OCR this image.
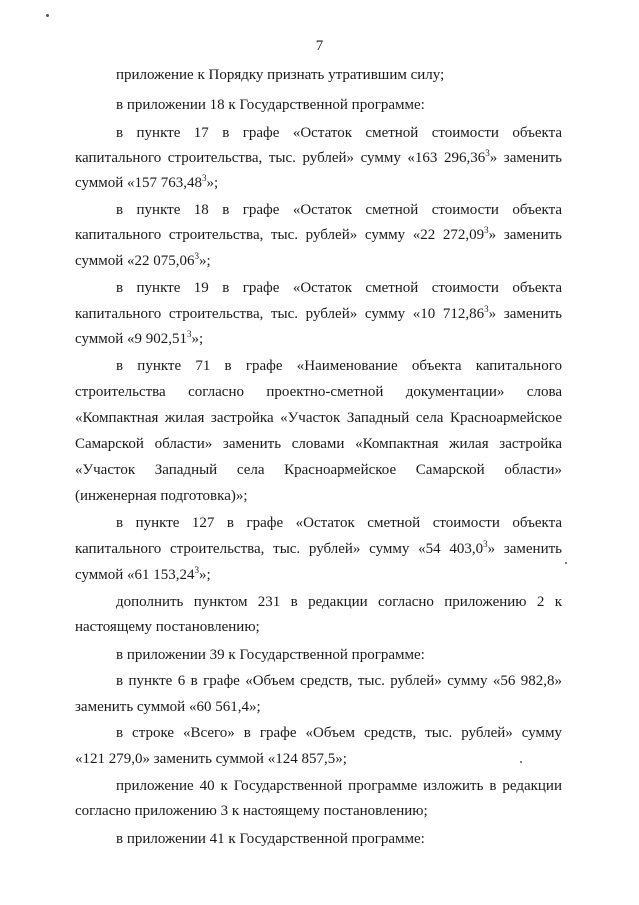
7
приложение к Порядку признать утратившим силу;
в приложении 18 к Государственной программе:
в пункте 17 в графе «Остаток сметной стоимости объекта
капитального строительства, тыс. рублей» сумму «163 296,36$^3$» заменить
суммой «157 763,48$^3$»;
в пункте 18 в графе «Остаток сметной стоимости объекта
капитального строительства, тыс. рублей» сумму «22 272,09$^3$» заменить
суммой «22 075,06$^3$»;
в пункте 19 в графе «Остаток сметной стоимости объекта
капитального строительства, тыс. рублей» сумму «10 712,86$^3$» заменить
суммой «9 902,51$^3$»;
в пункте 71 в графе «Наименование объекта капитального
строительства согласно проектно-сметной документации» слова
«Компактная жилая застройка «Участок Западный села Красноармейское
Самарской области» заменить словами «Компактная жилая застройка
«Участок Западный села Красноармейское Самарской области»
(инженерная подготовка)»;
в пункте 127 в графе «Остаток сметной стоимости объекта
капитального строительства, тыс. рублей» сумму «54 403,0$^3$» заменить
суммой «61 153,24$^3$»;
дополнить пунктом 231 в редакции согласно приложению 2 к
настоящему постановлению;
в приложении 39 к Государственной программе:
в пункте 6 в графе «Объем средств, тыс. рублей» сумму «56 982,8»
заменить суммой «60 561,4»;
в строке «Всего» в графе «Объем средств, тыс. рублей» сумму
«121 279,0» заменить суммой «124 857,5»;
приложение 40 к Государственной программе изложить в редакции
согласно приложению 3 к настоящему постановлению;
в приложении 41 к Государственной программе:
